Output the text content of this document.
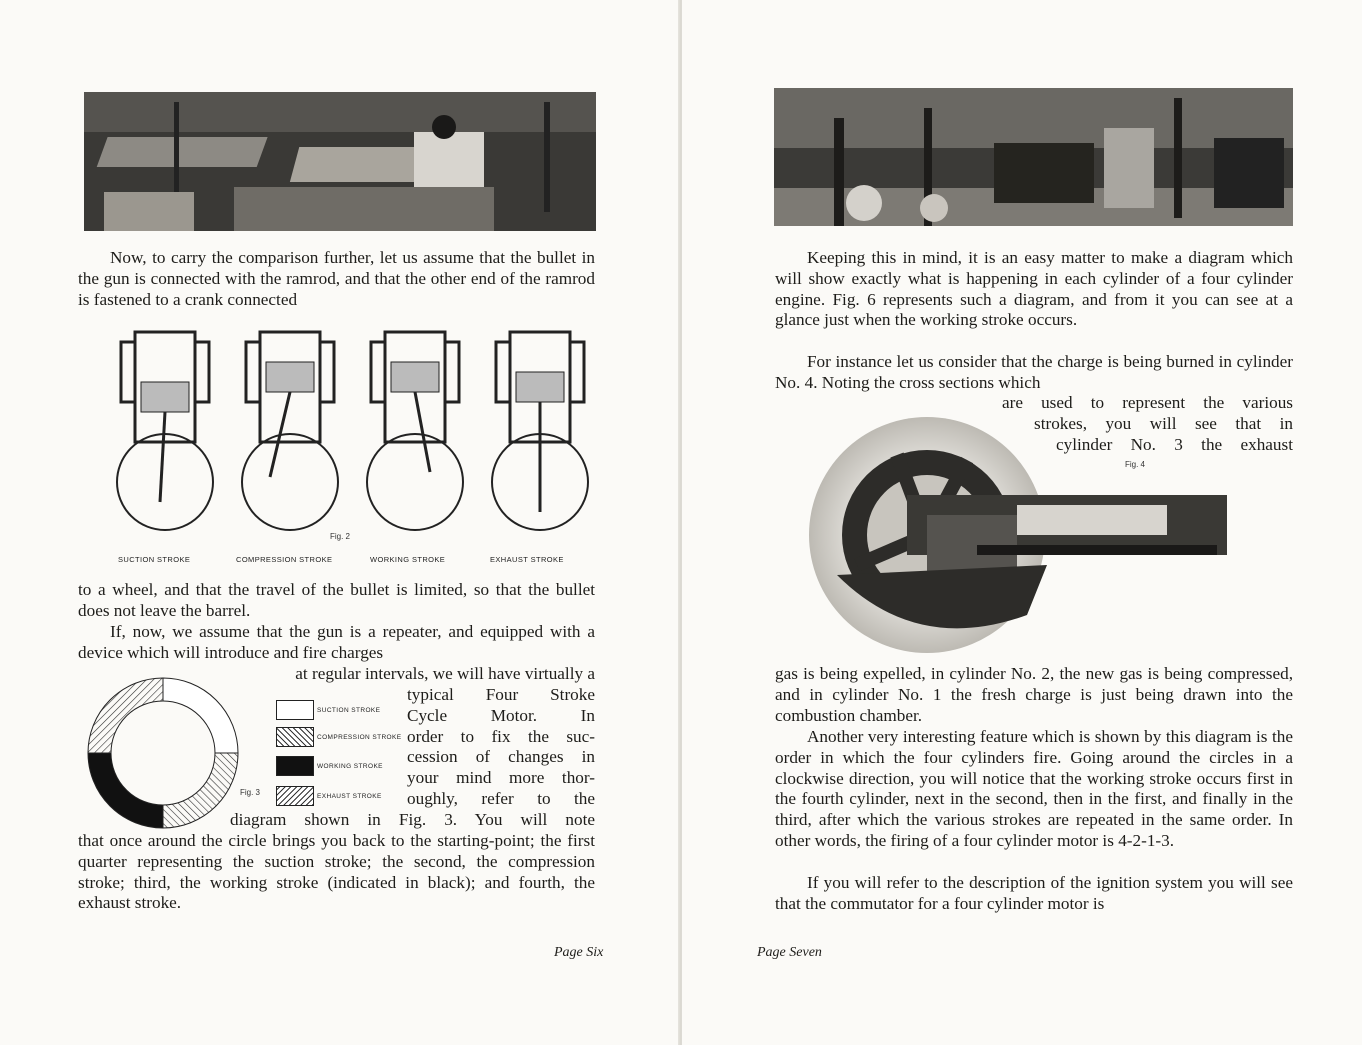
Now, to carry the comparison further, let us assume that the bullet in the gun is connected with the ramrod, and that the other end of the ramrod is fastened to a crank connected

Fig. 2
SUCTION STROKE	COMPRESSION STROKE	WORKING STROKE	EXHAUST STROKE

to a wheel, and that the travel of the bullet is limited, so that the bullet does not leave the barrel.

If, now, we assume that the gun is a repeater, and equipped with a device which will introduce and fire charges

at regular intervals, we will have virtually a

Fig. 3
SUCTION STROKE
COMPRESSION STROKE
WORKING STROKE
EXHAUST STROKE
typical Four Stroke
Cycle Motor. In
order to fix the suc-
cession of changes in
your mind more thor-
oughly, refer to the

diagram shown in Fig. 3. You will note

that once around the circle brings you back to the starting-point; the first quarter representing the suction stroke; the second, the compression stroke; third, the working stroke (indicated in black); and fourth, the exhaust stroke.

Page Six

Keeping this in mind, it is an easy matter to make a diagram which will show exactly what is happening in each cylinder of a four cylinder engine. Fig. 6 represents such a diagram, and from it you can see at a glance just when the working stroke occurs.

For instance let us consider that the charge is being burned in cylinder No. 4. Noting the cross sections which

are used to represent the various
strokes, you will see that in
cylinder No. 3 the exhaust
Fig. 4

gas is being expelled, in cylinder No. 2, the new gas is being compressed, and in cylinder No. 1 the fresh charge is just being drawn into the combustion chamber.

Another very interesting feature which is shown by this diagram is the order in which the four cylinders fire. Going around the circles in a clockwise direction, you will notice that the working stroke occurs first in the fourth cylinder, next in the second, then in the first, and finally in the third, after which the various strokes are repeated in the same order. In other words, the firing of a four cylinder motor is 4-2-1-3.

If you will refer to the description of the ignition system you will see that the commutator for a four cylinder motor is

Page Seven
